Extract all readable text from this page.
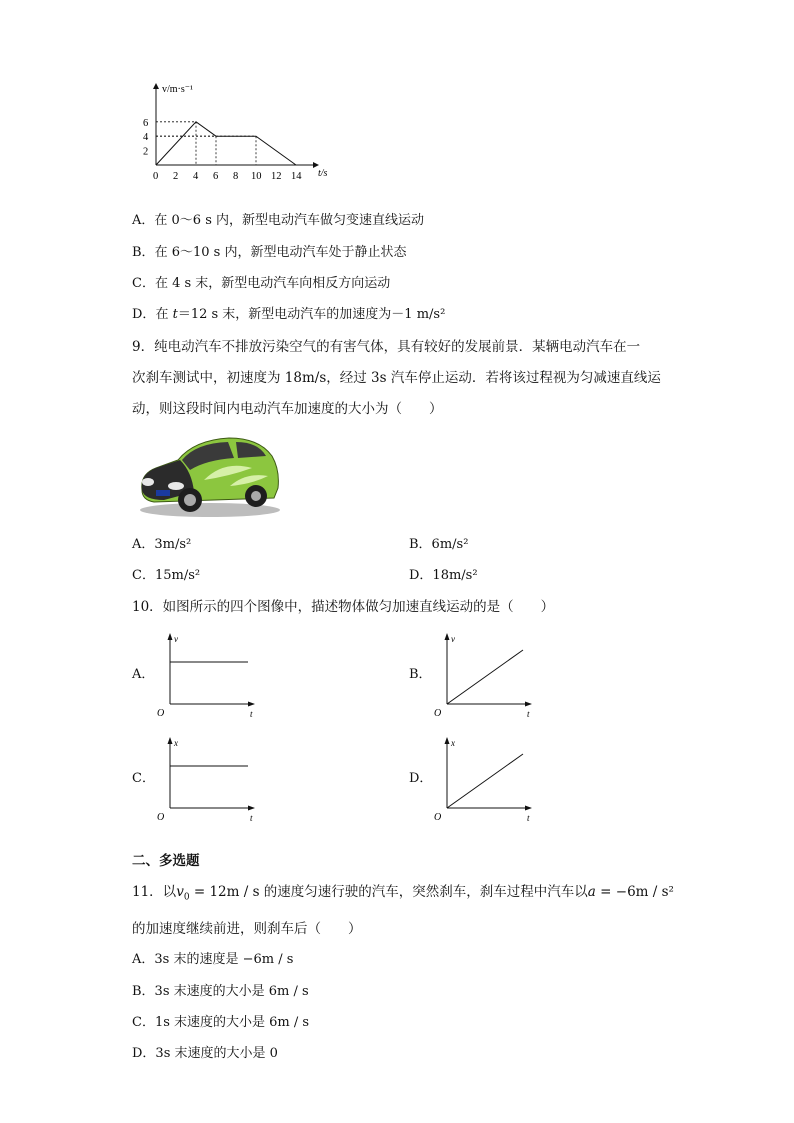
v/m·s⁻¹
t/s
0 2 4 6 8 10 12 14
6
4
2
A．在 0～6 s 内，新型电动汽车做匀变速直线运动
B．在 6～10 s 内，新型电动汽车处于静止状态
C．在 4 s 末，新型电动汽车向相反方向运动
D．在 t＝12 s 末，新型电动汽车的加速度为－1 m/s²
9．纯电动汽车不排放污染空气的有害气体，具有较好的发展前景．某辆电动汽车在一
次刹车测试中，初速度为 18m/s，经过 3s 汽车停止运动．若将该过程视为匀减速直线运
动，则这段时间内电动汽车加速度的大小为（　　）
A．3m/s²	B．6m/s²
C．15m/s²	D．18m/s²
10．如图所示的四个图像中，描述物体做匀加速直线运动的是（　　）
A．
v
t
O
B．
v
t
O
C．
x
t
O
D．
x
t
O
二、多选题
11．以$v_0 = 12m / s$ 的速度匀速行驶的汽车，突然刹车，刹车过程中汽车以a = −6m / s²
的加速度继续前进，则刹车后（　　）
A．3s 末的速度是 −6m / s
B．3s 末速度的大小是 6m / s
C．1s 末速度的大小是 6m / s
D．3s 末速度的大小是 0
